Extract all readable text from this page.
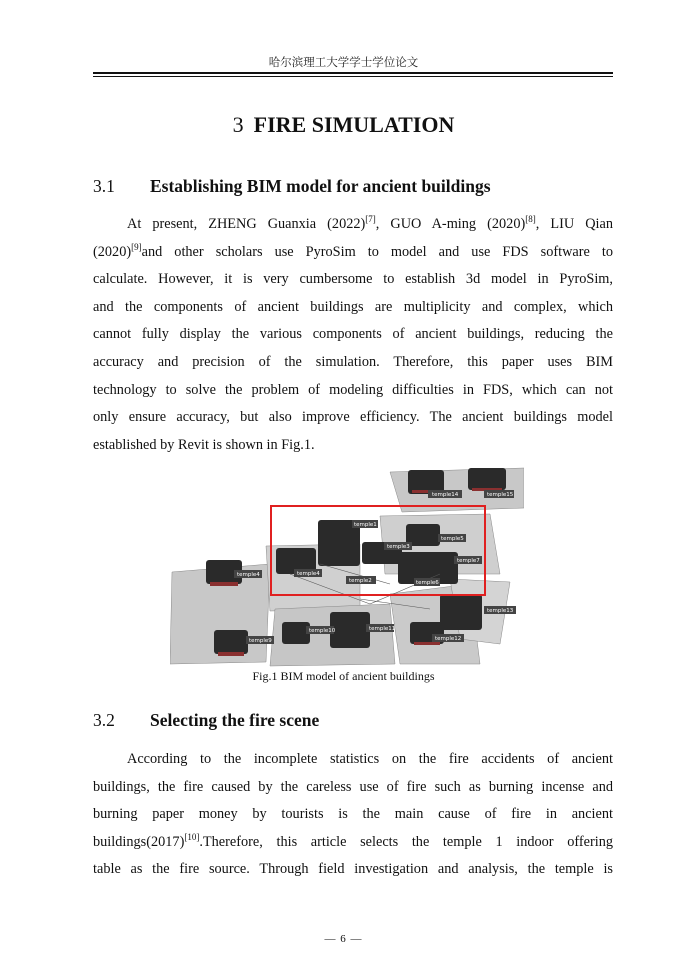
哈尔滨理工大学学士学位论文
3 FIRE SIMULATION
3.1 Establishing BIM model for ancient buildings
At present, ZHENG Guanxia (2022)[7], GUO A-ming (2020)[8], LIU Qian
(2020)[9]and other scholars use PyroSim to model and use FDS software to
calculate. However, it is very cumbersome to establish 3d model in PyroSim,
and the components of ancient buildings are multiplicity and complex, which
cannot fully display the various components of ancient buildings, reducing the
accuracy and precision of the simulation. Therefore, this paper uses BIM
technology to solve the problem of modeling difficulties in FDS, which can not
only ensure accuracy, but also improve efficiency. The ancient buildings model
established by Revit is shown in Fig.1.
temple14	temple15
temple1
temple5
temple3
temple4
temple7
temple4
temple2	temple6
temple13
temple11
temple10
temple9	temple12
Fig.1 BIM model of ancient buildings
3.2 Selecting the fire scene
According to the incomplete statistics on the fire accidents of ancient
buildings, the fire caused by the careless use of fire such as burning incense and
burning paper money by tourists is the main cause of fire in ancient
buildings(2017)[10].Therefore, this article selects the temple 1 indoor offering
table as the fire source. Through field investigation and analysis, the temple is
— 6 —
